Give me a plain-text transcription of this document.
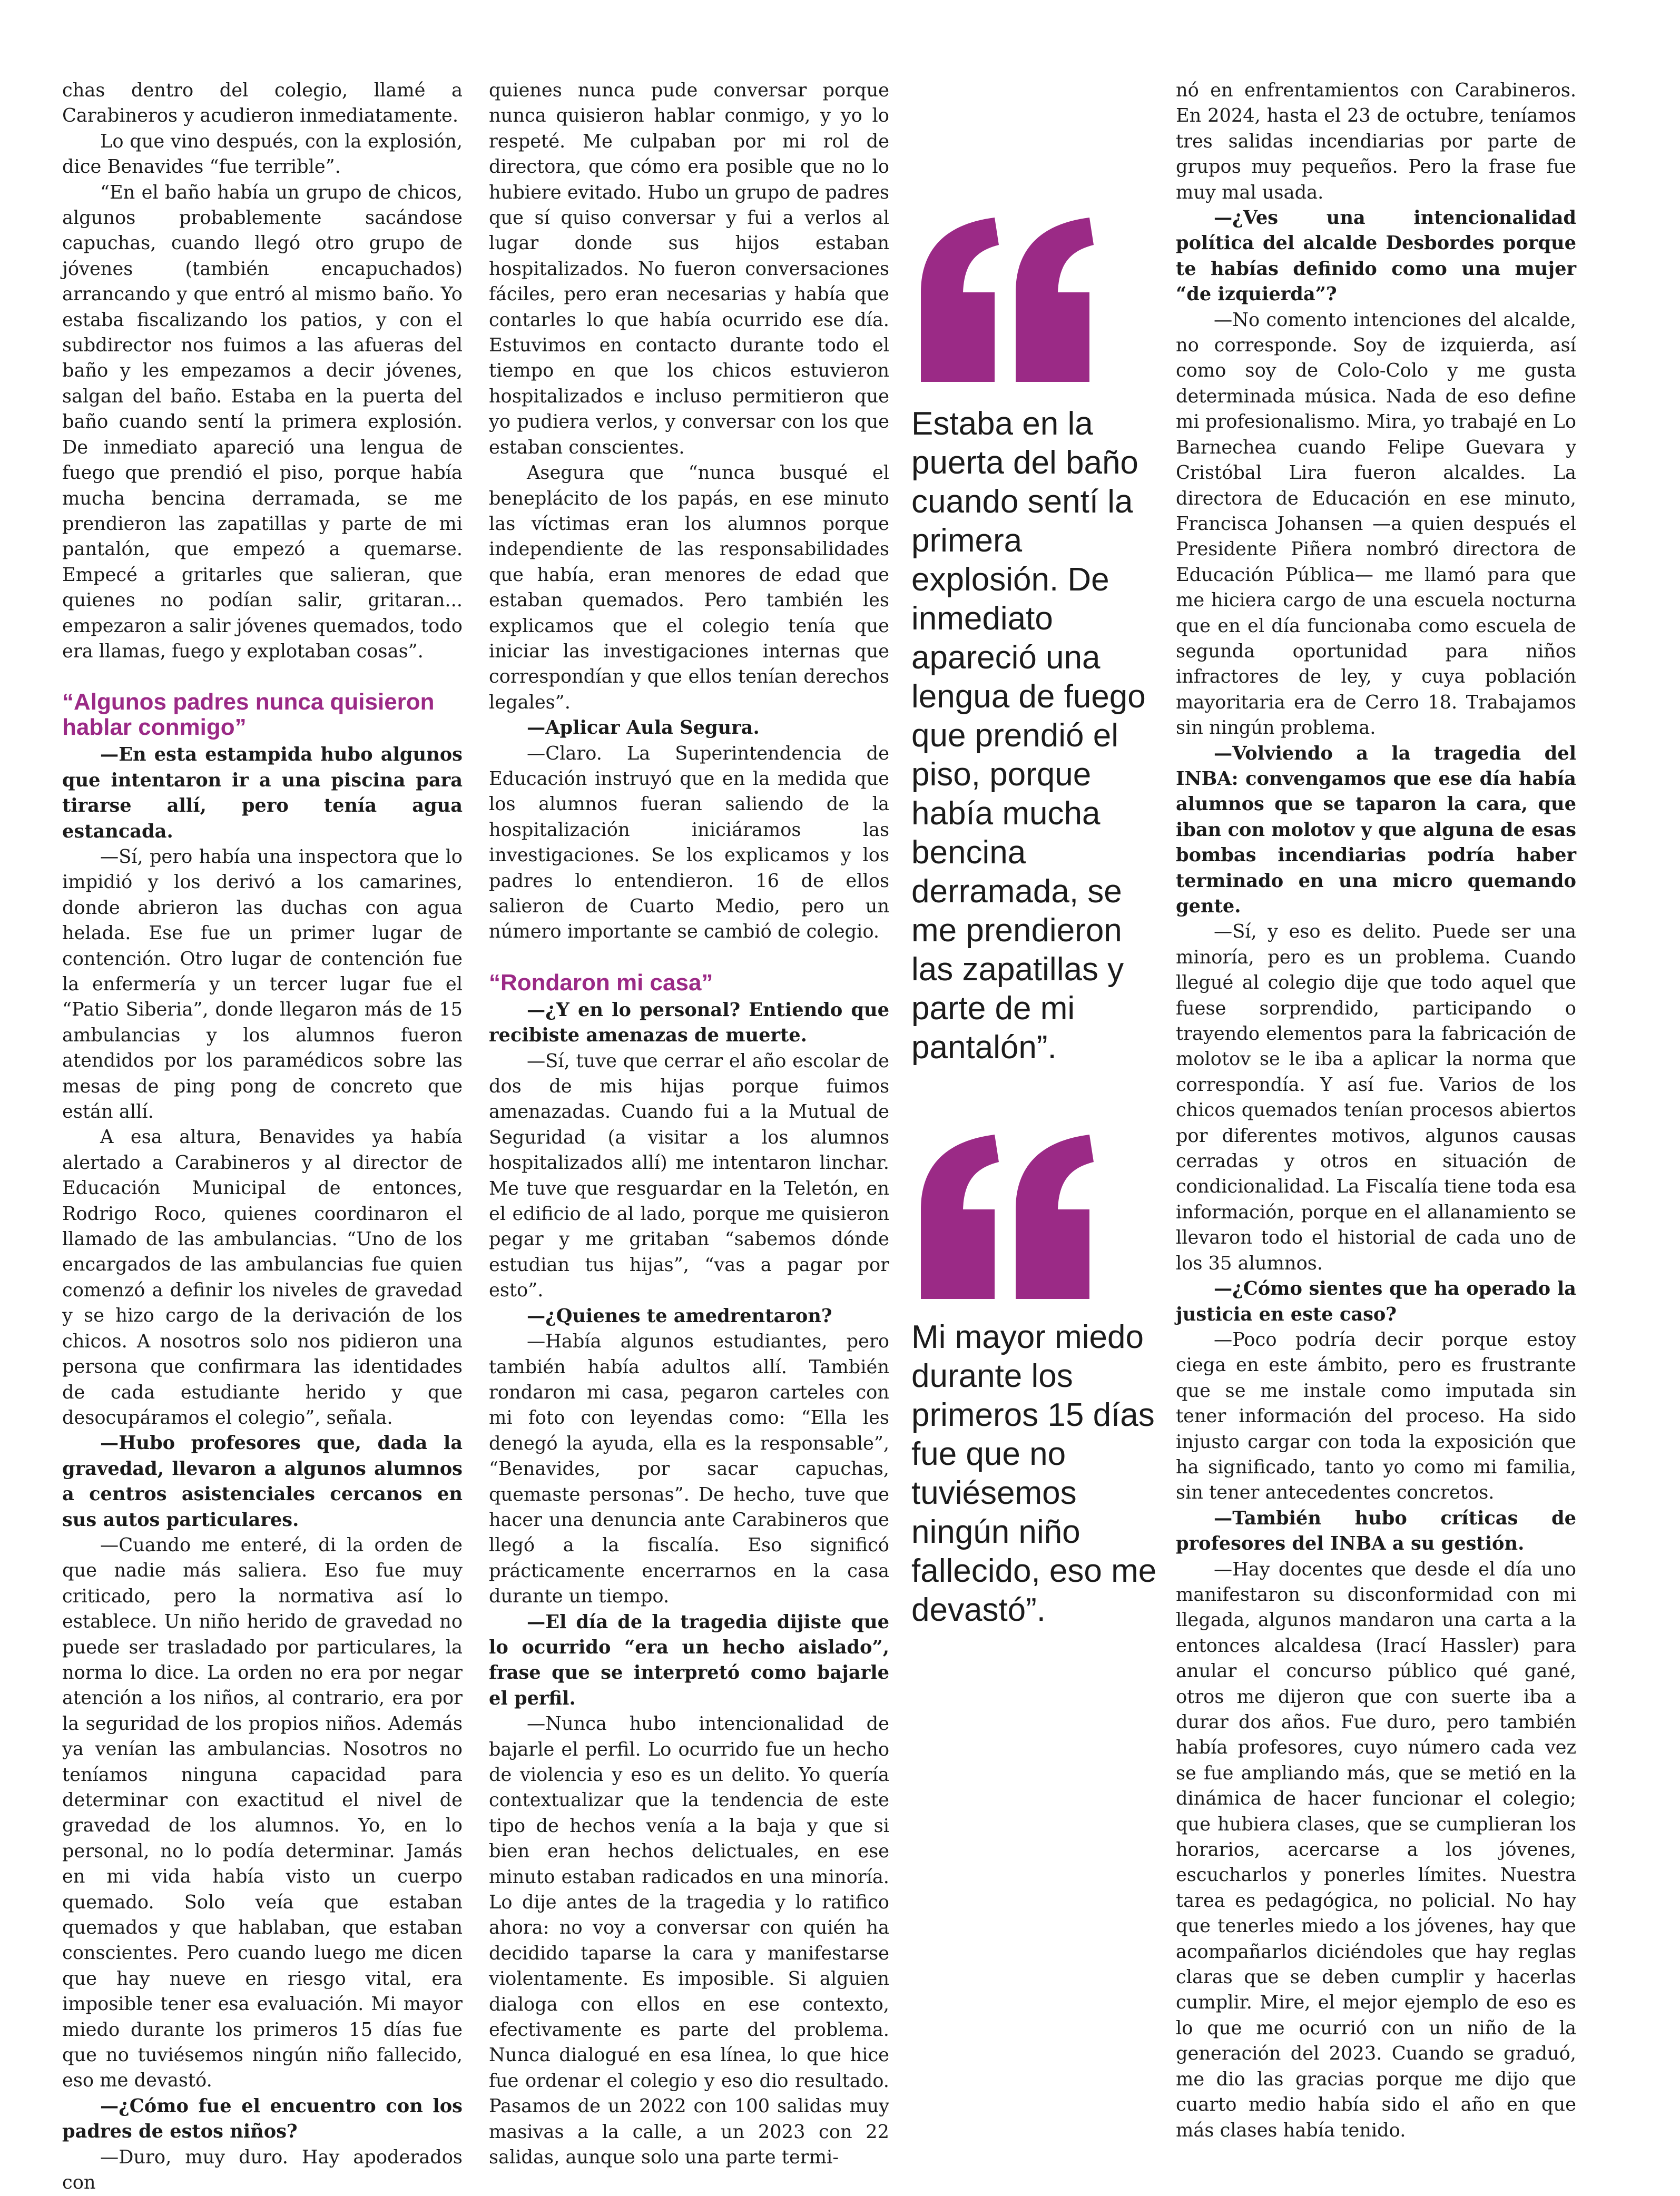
chas dentro del colegio, llamé a Carabineros y acudieron inmediatamente.

Lo que vino después, con la explosión, dice Benavides “fue terrible”.

“En el baño había un grupo de chicos, algunos probablemente sacándose capuchas, cuando llegó otro grupo de jóvenes (también encapuchados) arrancando y que entró al mismo baño. Yo estaba fiscalizando los patios, y con el subdirector nos fuimos a las afueras del baño y les empezamos a decir jóvenes, salgan del baño. Estaba en la puerta del baño cuando sentí la primera explosión. De inmediato apareció una lengua de fuego que prendió el piso, porque había mucha bencina derramada, se me prendieron las zapatillas y parte de mi pantalón, que empezó a quemarse. Empecé a gritarles que salieran, que quienes no podían salir, gritaran... empezaron a salir jóvenes quemados, todo era llamas, fuego y explotaban cosas”.

“Algunos padres nunca quisieron hablar conmigo”

—En esta estampida hubo algunos que intentaron ir a una piscina para tirarse allí, pero tenía agua estancada.

—Sí, pero había una inspectora que lo impidió y los derivó a los camarines, donde abrieron las duchas con agua helada. Ese fue un primer lugar de contención. Otro lugar de contención fue la enfermería y un tercer lugar fue el “Patio Siberia”, donde llegaron más de 15 ambulancias y los alumnos fueron atendidos por los paramédicos sobre las mesas de ping pong de concreto que están allí.

A esa altura, Benavides ya había alertado a Carabineros y al director de Educación Municipal de entonces, Rodrigo Roco, quienes coordinaron el llamado de las ambulancias. “Uno de los encargados de las ambulancias fue quien comenzó a definir los niveles de gravedad y se hizo cargo de la derivación de los chicos. A nosotros solo nos pidieron una persona que confirmara las identidades de cada estudiante herido y que desocupáramos el colegio”, señala.

—Hubo profesores que, dada la gravedad, llevaron a algunos alumnos a centros asistenciales cercanos en sus autos particulares.

—Cuando me enteré, di la orden de que nadie más saliera. Eso fue muy criticado, pero la normativa así lo establece. Un niño herido de gravedad no puede ser trasladado por particulares, la norma lo dice. La orden no era por negar atención a los niños, al contrario, era por la seguridad de los propios niños. Además ya venían las ambulancias. Nosotros no teníamos ninguna capacidad para determinar con exactitud el nivel de gravedad de los alumnos. Yo, en lo personal, no lo podía determinar. Jamás en mi vida había visto un cuerpo quemado. Solo veía que estaban quemados y que hablaban, que estaban conscientes. Pero cuando luego me dicen que hay nueve en riesgo vital, era imposible tener esa evaluación. Mi mayor miedo durante los primeros 15 días fue que no tuviésemos ningún niño fallecido, eso me devastó.

—¿Cómo fue el encuentro con los padres de estos niños?

—Duro, muy duro. Hay apoderados con

quienes nunca pude conversar porque nunca quisieron hablar conmigo, y yo lo respeté. Me culpaban por mi rol de directora, que cómo era posible que no lo hubiere evitado. Hubo un grupo de padres que sí quiso conversar y fui a verlos al lugar donde sus hijos estaban hospitalizados. No fueron conversaciones fáciles, pero eran necesarias y había que contarles lo que había ocurrido ese día. Estuvimos en contacto durante todo el tiempo en que los chicos estuvieron hospitalizados e incluso permitieron que yo pudiera verlos, y conversar con los que estaban conscientes.

Asegura que “nunca busqué el beneplácito de los papás, en ese minuto las víctimas eran los alumnos porque independiente de las responsabilidades que había, eran menores de edad que estaban quemados. Pero también les explicamos que el colegio tenía que iniciar las investigaciones internas que correspondían y que ellos tenían derechos legales”.

—Aplicar Aula Segura.

—Claro. La Superintendencia de Educación instruyó que en la medida que los alumnos fueran saliendo de la hospitalización iniciáramos las investigaciones. Se los explicamos y los padres lo entendieron. 16 de ellos salieron de Cuarto Medio, pero un número importante se cambió de colegio.

“Rondaron mi casa”

—¿Y en lo personal? Entiendo que recibiste amenazas de muerte.

—Sí, tuve que cerrar el año escolar de dos de mis hijas porque fuimos amenazadas. Cuando fui a la Mutual de Seguridad (a visitar a los alumnos hospitalizados allí) me intentaron linchar. Me tuve que resguardar en la Teletón, en el edificio de al lado, porque me quisieron pegar y me gritaban “sabemos dónde estudian tus hijas”, “vas a pagar por esto”.

—¿Quienes te amedrentaron?

—Había algunos estudiantes, pero también había adultos allí. También rondaron mi casa, pegaron carteles con mi foto con leyendas como: “Ella les denegó la ayuda, ella es la responsable”, “Benavides, por sacar capuchas, quemaste personas”. De hecho, tuve que hacer una denuncia ante Carabineros que llegó a la fiscalía. Eso significó prácticamente encerrarnos en la casa durante un tiempo.

—El día de la tragedia dijiste que lo ocurrido “era un hecho aislado”, frase que se interpretó como bajarle el perfil.

—Nunca hubo intencionalidad de bajarle el perfil. Lo ocurrido fue un hecho de violencia y eso es un delito. Yo quería contextualizar que la tendencia de este tipo de hechos venía a la baja y que si bien eran hechos delictuales, en ese minuto estaban radicados en una minoría. Lo dije antes de la tragedia y lo ratifico ahora: no voy a conversar con quién ha decidido taparse la cara y manifestarse violentamente. Es imposible. Si alguien dialoga con ellos en ese contexto, efectivamente es parte del problema. Nunca dialogué en esa línea, lo que hice fue ordenar el colegio y eso dio resultado. Pasamos de un 2022 con 100 salidas muy masivas a la calle, a un 2023 con 22 salidas, aunque solo una parte termi-

Estaba en la puerta del baño cuando sentí la primera explosión. De inmediato apareció una lengua de fuego que prendió el piso, porque había mucha bencina derramada, se me prendieron las zapatillas y parte de mi pantalón”.

Mi mayor miedo durante los primeros 15 días fue que no tuviésemos ningún niño fallecido, eso me devastó”.

nó en enfrentamientos con Carabineros. En 2024, hasta el 23 de octubre, teníamos tres salidas incendiarias por parte de grupos muy pequeños. Pero la frase fue muy mal usada.

—¿Ves una intencionalidad política del alcalde Desbordes porque te habías definido como una mujer “de izquierda”?

—No comento intenciones del alcalde, no corresponde. Soy de izquierda, así como soy de Colo-Colo y me gusta determinada música. Nada de eso define mi profesionalismo. Mira, yo trabajé en Lo Barnechea cuando Felipe Guevara y Cristóbal Lira fueron alcaldes. La directora de Educación en ese minuto, Francisca Johansen —a quien después el Presidente Piñera nombró directora de Educación Pública— me llamó para que me hiciera cargo de una escuela nocturna que en el día funcionaba como escuela de segunda oportunidad para niños infractores de ley, y cuya población mayoritaria era de Cerro 18. Trabajamos sin ningún problema.

—Volviendo a la tragedia del INBA: convengamos que ese día había alumnos que se taparon la cara, que iban con molotov y que alguna de esas bombas incendiarias podría haber terminado en una micro quemando gente.

—Sí, y eso es delito. Puede ser una minoría, pero es un problema. Cuando llegué al colegio dije que todo aquel que fuese sorprendido, participando o trayendo elementos para la fabricación de molotov se le iba a aplicar la norma que correspondía. Y así fue. Varios de los chicos quemados tenían procesos abiertos por diferentes motivos, algunos causas cerradas y otros en situación de condicionalidad. La Fiscalía tiene toda esa información, porque en el allanamiento se llevaron todo el historial de cada uno de los 35 alumnos.

—¿Cómo sientes que ha operado la justicia en este caso?

—Poco podría decir porque estoy ciega en este ámbito, pero es frustrante que se me instale como imputada sin tener información del proceso. Ha sido injusto cargar con toda la exposición que ha significado, tanto yo como mi familia, sin tener antecedentes concretos.

—También hubo críticas de profesores del INBA a su gestión.

—Hay docentes que desde el día uno manifestaron su disconformidad con mi llegada, algunos mandaron una carta a la entonces alcaldesa (Irací Hassler) para anular el concurso público qué gané, otros me dijeron que con suerte iba a durar dos años. Fue duro, pero también había profesores, cuyo número cada vez se fue ampliando más, que se metió en la dinámica de hacer funcionar el colegio; que hubiera clases, que se cumplieran los horarios, acercarse a los jóvenes, escucharlos y ponerles límites. Nuestra tarea es pedagógica, no policial. No hay que tenerles miedo a los jóvenes, hay que acompañarlos diciéndoles que hay reglas claras que se deben cumplir y hacerlas cumplir. Mire, el mejor ejemplo de eso es lo que me ocurrió con un niño de la generación del 2023. Cuando se graduó, me dio las gracias porque me dijo que cuarto medio había sido el año en que más clases había tenido.
